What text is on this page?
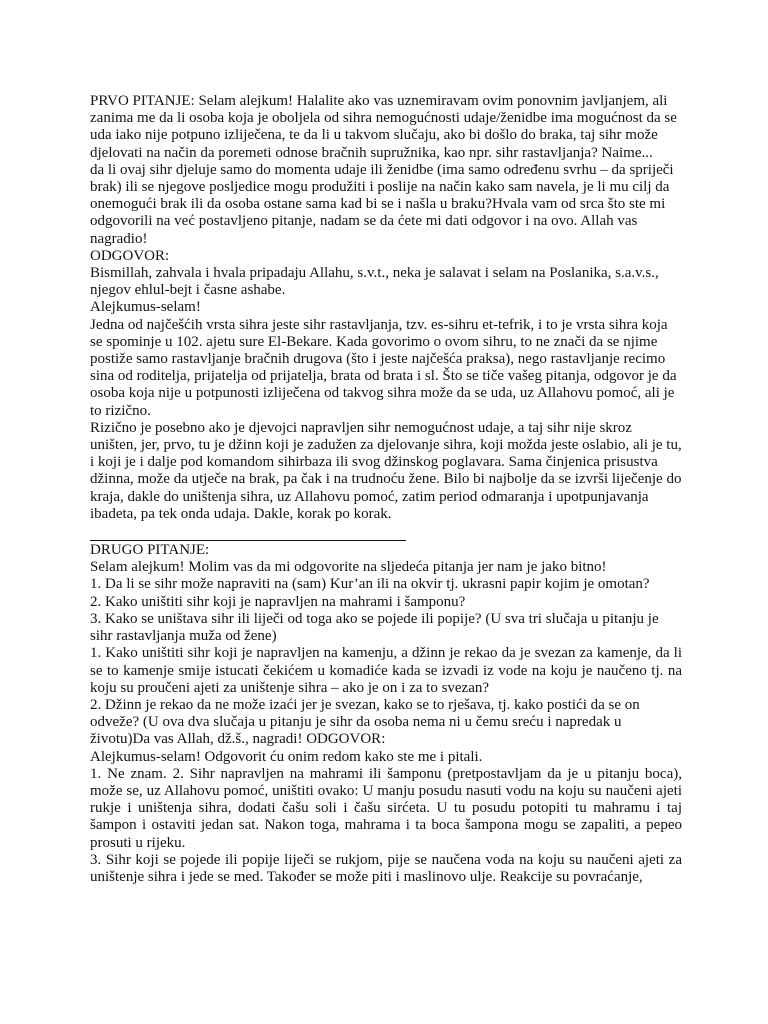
PRVO PITANJE: Selam alejkum! Halalite ako vas uznemiravam ovim ponovnim javljanjem, ali zanima me da li osoba koja je oboljela od sihra nemogućnosti udaje/ženidbe ima mogućnost da se uda iako nije potpuno izliječena, te da li u takvom slučaju, ako bi došlo do braka, taj sihr može djelovati na način da poremeti odnose bračnih supružnika, kao npr. sihr rastavljanja? Naime...

da li ovaj sihr djeluje samo do momenta udaje ili ženidbe (ima samo određenu svrhu – da spriječi brak) ili se njegove posljedice mogu produžiti i poslije na način kako sam navela, je li mu cilj da onemogući brak ili da osoba ostane sama kad bi se i našla u braku?Hvala vam od srca što ste mi odgovorili na već postavljeno pitanje, nadam se da ćete mi dati odgovor i na ovo. Allah vas nagradio!

ODGOVOR:

Bismillah, zahvala i hvala pripadaju Allahu, s.v.t., neka je salavat i selam na Poslanika, s.a.v.s., njegov ehlul-bejt i časne ashabe.

Alejkumus-selam!

Jedna od najčešćih vrsta sihra jeste sihr rastavljanja, tzv. es-sihru et-tefrik, i to je vrsta sihra koja se spominje u 102. ajetu sure El-Bekare. Kada govorimo o ovom sihru, to ne znači da se njime postiže samo rastavljanje bračnih drugova (što i jeste najčešća praksa), nego rastavljanje recimo sina od roditelja, prijatelja od prijatelja, brata od brata i sl. Što se tiče vašeg pitanja, odgovor je da osoba koja nije u potpunosti izliječena od takvog sihra može da se uda, uz Allahovu pomoć, ali je to rizično.

Rizično je posebno ako je djevojci napravljen sihr nemogućnost udaje, a taj sihr nije skroz uništen, jer, prvo, tu je džinn koji je zadužen za djelovanje sihra, koji možda jeste oslabio, ali je tu, i koji je i dalje pod komandom sihirbaza ili svog džinskog poglavara. Sama činjenica prisustva džinna, može da utječe na brak, pa čak i na trudnoću žene. Bilo bi najbolje da se izvrši liječenje do kraja, dakle do uništenja sihra, uz Allahovu pomoć, zatim period odmaranja i upotpunjavanja ibadeta, pa tek onda udaja. Dakle, korak po korak.

DRUGO PITANJE:

Selam alejkum! Molim vas da mi odgovorite na sljedeća pitanja jer nam je jako bitno!

1. Da li se sihr može napraviti na (sam) Kur’an ili na okvir tj. ukrasni papir kojim je omotan?

2. Kako uništiti sihr koji je napravljen na mahrami i šamponu?

3. Kako se uništava sihr ili liječi od toga ako se pojede ili popije? (U sva tri slučaja u pitanju je sihr rastavljanja muža od žene)

1. Kako uništiti sihr koji je napravljen na kamenju, a džinn je rekao da je svezan za kamenje, da li se to kamenje smije istucati čekićem u komadiće kada se izvadi iz vode na koju je naučeno tj. na koju su proučeni ajeti za uništenje sihra – ako je on i za to svezan?

2. Džinn je rekao da ne može izaći jer je svezan, kako se to rješava, tj. kako postići da se on odveže? (U ova dva slučaja u pitanju je sihr da osoba nema ni u čemu sreću i napredak u životu)Da vas Allah, dž.š., nagradi! ODGOVOR:

Alejkumus-selam! Odgovorit ću onim redom kako ste me i pitali.

1. Ne znam. 2. Sihr napravljen na mahrami ili šamponu (pretpostavljam da je u pitanju boca), može se, uz Allahovu pomoć, uništiti ovako: U manju posudu nasuti vodu na koju su naučeni ajeti rukje i uništenja sihra, dodati čašu soli i čašu sirćeta. U tu posudu potopiti tu mahramu i taj šampon i ostaviti jedan sat. Nakon toga, mahrama i ta boca šampona mogu se zapaliti, a pepeo prosuti u rijeku.

3. Sihr koji se pojede ili popije liječi se rukjom, pije se naučena voda na koju su naučeni ajeti za uništenje sihra i jede se med. Također se može piti i maslinovo ulje. Reakcije su povraćanje,
